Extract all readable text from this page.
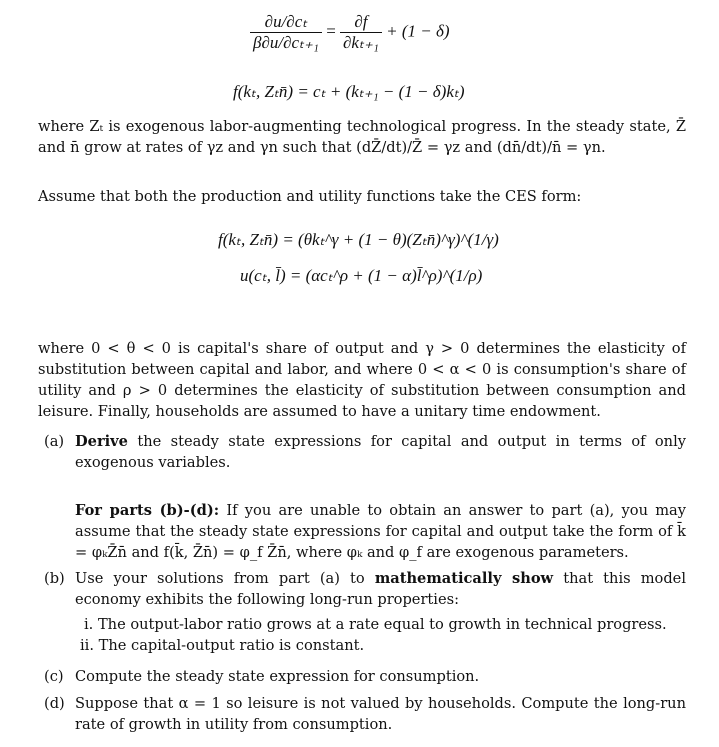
$\frac{\text{∂u/∂cₜ}}{\text{β∂u/∂cₜ₊₁}} = \frac{\partial f}{\text{∂kₜ₊₁}} + (1 - \delta)$
f(kₜ, Zₜn̄) = cₜ + (kₜ₊₁ − (1 − δ)kₜ)
where Zₜ is exogenous labor-augmenting technological progress. In the steady state, Z̄ and n̄ grow at rates of γz and γn such that (dZ̄/dt)/Z̄ = γz and (dn̄/dt)/n̄ = γn.
Assume that both the production and utility functions take the CES form:
f(kₜ, Zₜn̄) = (θkₜ^γ + (1 − θ)(Zₜn̄)^γ)^(1/γ)
u(cₜ, l̄) = (αcₜ^ρ + (1 − α)l̄^ρ)^(1/ρ)
where 0 < θ < 0 is capital's share of output and γ > 0 determines the elasticity of substitution between capital and labor, and where 0 < α < 0 is consumption's share of utility and ρ > 0 determines the elasticity of substitution between consumption and leisure. Finally, households are assumed to have a unitary time endowment.
(a) Derive the steady state expressions for capital and output in terms of only exogenous variables.
For parts (b)-(d): If you are unable to obtain an answer to part (a), you may assume that the steady state expressions for capital and output take the form of k̄ = φₖZ̄n̄ and f(k̄, Z̄n̄) = φ_f Z̄n̄, where φₖ and φ_f are exogenous parameters.
(b) Use your solutions from part (a) to mathematically show that this model economy exhibits the following long-run properties:
i. The output-labor ratio grows at a rate equal to growth in technical progress.
ii. The capital-output ratio is constant.
(c) Compute the steady state expression for consumption.
(d) Suppose that α = 1 so leisure is not valued by households. Compute the long-run rate of growth in utility from consumption.
